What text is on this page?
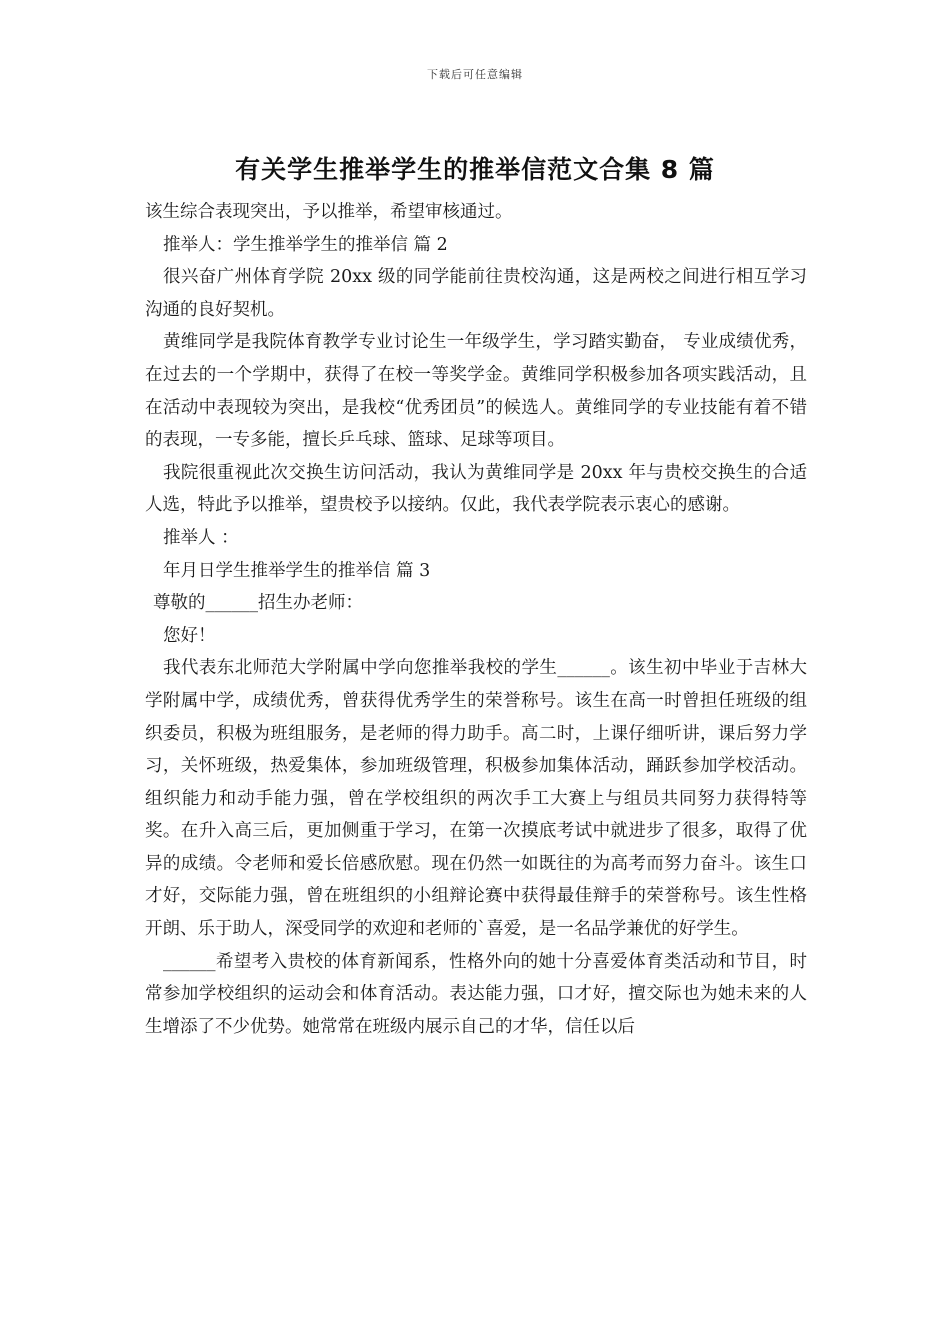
下载后可任意编辑
有关学生推举学生的推举信范文合集 8 篇

该生综合表现突出，予以推举，希望审核通过。

推举人：学生推举学生的推举信 篇 2

很兴奋广州体育学院 20xx 级的同学能前往贵校沟通，这是两校之间进行相互学习沟通的良好契机。

黄维同学是我院体育教学专业讨论生一年级学生，学习踏实勤奋， 专业成绩优秀， 在过去的一个学期中，获得了在校一等奖学金。黄维同学积极参加各项实践活动，且在活动中表现较为突出，是我校“优秀团员”的候选人。黄维同学的专业技能有着不错的表现，一专多能，擅长乒乓球、篮球、足球等项目。

我院很重视此次交换生访问活动，我认为黄维同学是 20xx 年与贵校交换生的合适人选，特此予以推举，望贵校予以接纳。仅此，我代表学院表示衷心的感谢。

推举人 ：

年月日学生推举学生的推举信 篇 3

尊敬的______招生办老师：

您好！

我代表东北师范大学附属中学向您推举我校的学生______。该生初中毕业于吉林大学附属中学，成绩优秀，曾获得优秀学生的荣誉称号。该生在高一时曾担任班级的组织委员，积极为班组服务，是老师的得力助手。高二时，上课仔细听讲，课后努力学习，关怀班级，热爱集体，参加班级管理，积极参加集体活动，踊跃参加学校活动。组织能力和动手能力强，曾在学校组织的两次手工大赛上与组员共同努力获得特等奖。在升入高三后，更加侧重于学习，在第一次摸底考试中就进步了很多，取得了优异的成绩。令老师和爱长倍感欣慰。现在仍然一如既往的为高考而努力奋斗。该生口才好，交际能力强，曾在班组织的小组辩论赛中获得最佳辩手的荣誉称号。该生性格开朗、乐于助人，深受同学的欢迎和老师的`喜爱，是一名品学兼优的好学生。

______希望考入贵校的体育新闻系，性格外向的她十分喜爱体育类活动和节目，时常参加学校组织的运动会和体育活动。表达能力强，口才好，擅交际也为她未来的人生增添了不少优势。她常常在班级内展示自己的才华，信任以后
